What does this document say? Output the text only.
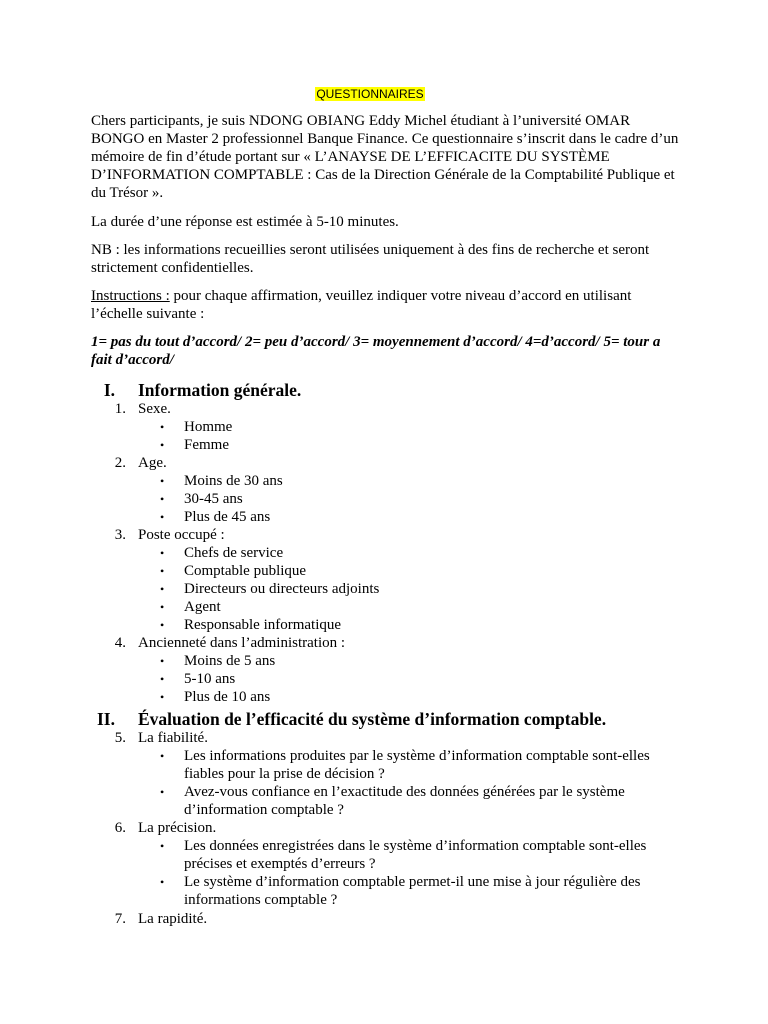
QUESTIONNAIRES

Chers participants, je suis NDONG OBIANG Eddy Michel étudiant à l’université OMAR BONGO en Master 2 professionnel Banque Finance. Ce questionnaire s’inscrit dans le cadre d’un mémoire de fin d’étude portant sur « L’ANAYSE DE L’EFFICACITE DU SYSTÈME D’INFORMATION COMPTABLE : Cas de la Direction Générale de la Comptabilité Publique et du Trésor ».

La durée d’une réponse est estimée à 5-10 minutes.

NB : les informations recueillies seront utilisées uniquement à des fins de recherche et seront strictement confidentielles.

Instructions : pour chaque affirmation, veuillez indiquer votre niveau d’accord en utilisant l’échelle suivante :

1= pas du tout d’accord/ 2= peu d’accord/ 3= moyennement d’accord/ 4=d’accord/ 5= tour a fait d’accord/

I. Information générale.
1. Sexe.
• Homme
• Femme
2. Age.
• Moins de 30 ans
• 30-45 ans
• Plus de 45 ans
3. Poste occupé :
• Chefs de service
• Comptable publique
• Directeurs ou directeurs adjoints
• Agent
• Responsable informatique
4. Ancienneté dans l’administration :
• Moins de 5 ans
• 5-10 ans
• Plus de 10 ans
II. Évaluation de l’efficacité du système d’information comptable.
5. La fiabilité.
• Les informations produites par le système d’information comptable sont-elles fiables pour la prise de décision ?
• Avez-vous confiance en l’exactitude des données générées par le système d’information comptable ?
6. La précision.
• Les données enregistrées dans le système d’information comptable sont-elles précises et exemptés d’erreurs ?
• Le système d’information comptable permet-il une mise à jour régulière des informations comptable ?
7. La rapidité.
